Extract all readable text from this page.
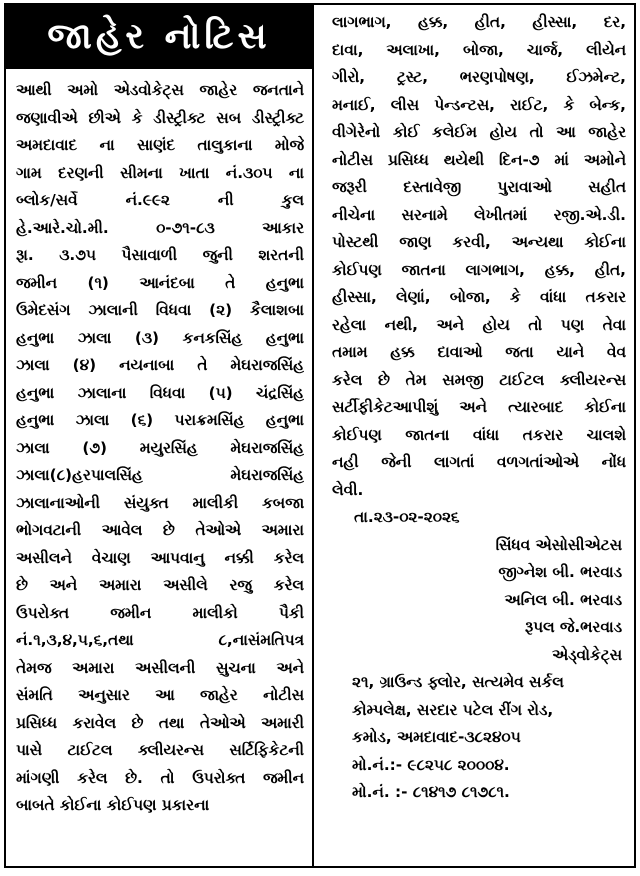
જાહેર નોટિસ
આથી અમો એડવોકેટ્સ જાહેર જનતાને
જણાવીએ છીએ કે ડીસ્ટ્રીક્ટ સબ ડીસ્ટ્રીક્ટ
અમદાવાદ ના સાણંદ તાલુકાના મોજે
ગામ દરણની સીમના ખાતા નં.૩૦૫ ના
બ્લોક/સર્વે નં.૯૯૨ ની કુલ
હે.આરે.ચો.મી. ૦-૭૧-૮૩ આકાર
રૂા. ૩.૭૫ પૈસાવાળી જુની શરતની
જમીન (૧) આનંદબા તે હનુભા
ઉમેદસંગ ઝાલાની વિધવા (૨) કૈલાશબા
હનુભા ઝાલા (૩) કનકસિંહ હનુભા
ઝાલા (૪) નયનાબા તે મેઘરાજસિંહ
હનુભા ઝાલાના વિધવા (૫) ચંદ્રસિંહ
હનુભા ઝાલા (૬) પરાક્રમસિંહ હનુભા
ઝાલા (૭) મયુરસિંહ મેઘરાજસિંહ
ઝાલા(૮)હરપાલસિંહ મેઘરાજસિંહ
ઝાલાનાઓની સંયુક્ત માલીકી કબજા
ભોગવટાની આવેલ છે તેઓએ અમારા
અસીલને વેચાણ આપવાનુ નક્કી કરેલ
છે અને અમારા અસીલે રજુ કરેલ
ઉપરોક્ત જમીન માલીકો પૈકી
નં.૧,૩,૪,૫,૬,તથા ૮,નાસંમતિપત્ર
તેમજ અમારા અસીલની સુચના અને
સંમતિ અનુસાર આ જાહેર નોટીસ
પ્રસિધ્ધ કરાવેલ છે તથા તેઓએ અમારી
પાસે ટાઈટલ ક્લીયરન્સ સર્ટિફિકેટની
માંગણી કરેલ છે. તો ઉપરોક્ત જમીન
બાબતે કોઈના કોઈપણ પ્રકારના
લાગભાગ, હક્ક, હીત, હીસ્સા, દર,
દાવા, અલાખા, બોજા, ચાર્જ, લીયેન
ગીરો, ટ્રસ્ટ, ભરણપોષણ, ઈઝમેન્ટ,
મનાઈ, લીસ પેન્ડન્ટસ, રાઈટ, કે બેન્ક,
વીગેરેનો કોઈ કલેઈમ હોય તો આ જાહેર
નોટીસ પ્રસિધ્ધ થયેથી દિન-૭ માં અમોને
જરૂરી દસ્તાવેજી પુરાવાઓ સહીત
નીચેના સરનામે લેખીતમાં રજી.એ.ડી.
પોસ્ટથી જાણ કરવી, અન્યથા કોઈના
કોઈપણ જાતના લાગભાગ, હક્ક, હીત,
હીસ્સા, લેણાં, બોજા, કે વાંધા તકરાર
રહેલા નથી, અને હોય તો પણ તેવા
તમામ હક્ક દાવાઓ જતા યાને વેવ
કરેલ છે તેમ સમજી ટાઈટલ ક્લીયરન્સ
સર્ટીફીકેટઆપીશું અને ત્યારબાદ કોઈના
કોઈપણ જાતના વાંધા તકરાર ચાલશે
નહી જેની લાગતાં વળગતાંઓએ નોંધ
લેવી.
તા.૨૩-૦૨-૨૦૨૬
સિંધવ એસોસીએટસ
જીગ્નેશ બી. ભરવાડ
અનિલ બી. ભરવાડ
રૂપલ જે.ભરવાડ
એડ્વોકેટ્સ
૨૧, ગ્રાઉન્ડ ફ્લોર, સત્યમેવ સર્કલ
કોમ્પલેક્ષ, સરદાર પટેલ રીંગ રોડ,
કમોડ, અમદાવાદ-૩૮૨૪૦૫
મો.નં.:- ૯૮૨૫૮ ૨૦૦૦૪.
મો.નં. :- ૮૧૪૧૭ ૮૧૭૮૧.
